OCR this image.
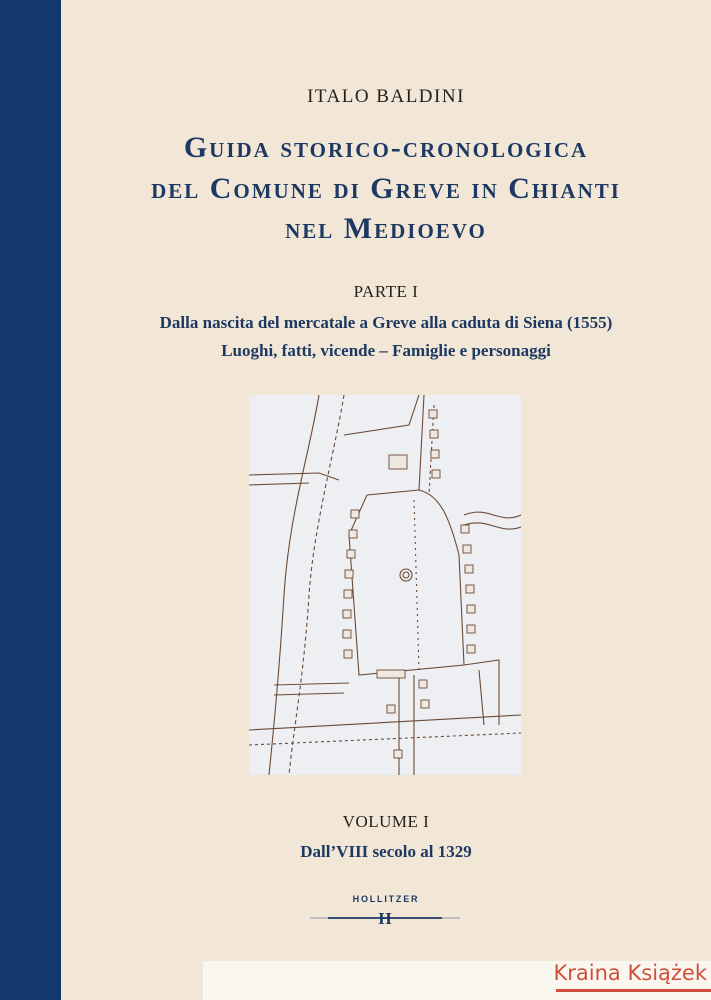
ITALO BALDINI
Guida storico-cronologica
del Comune di Greve in Chianti
nel Medioevo
PARTE I
Dalla nascita del mercatale a Greve alla caduta di Siena (1555)
Luoghi, fatti, vicende – Famiglie e personaggi
VOLUME I
Dall’VIII secolo al 1329
HOLLITZER
H
Kraina Książek
